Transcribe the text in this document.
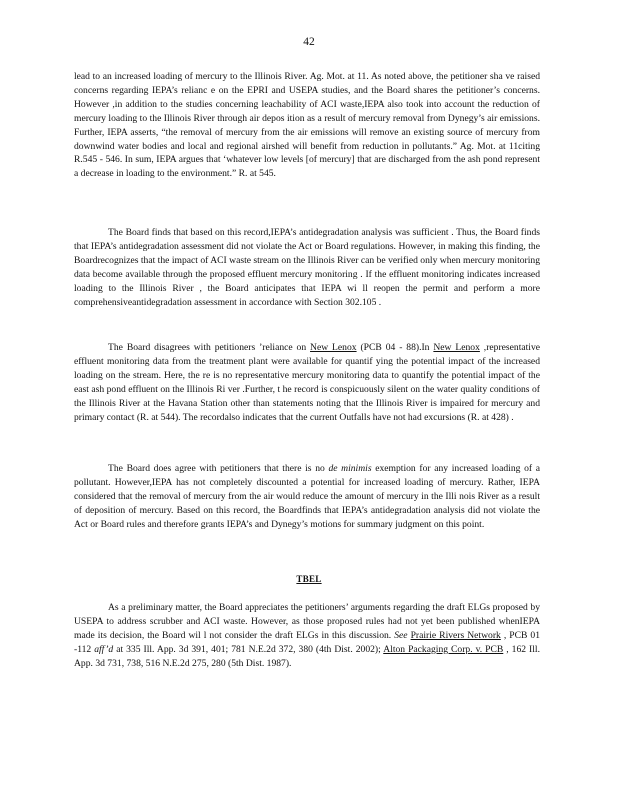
42
lead to an increased loading of mercury to the Illinois River. Ag. Mot. at 11. As noted above, the petitioner sha ve raised concerns regarding IEPA’s relianc e on the EPRI and USEPA studies, and the Board shares the petitioner’s concerns. However ,in addition to the studies concerning leachability of ACI waste,IEPA also took into account the reduction of mercury loading to the Illinois River through air depos ition as a result of mercury removal from Dynegy’s air emissions. Further, IEPA asserts, “the removal of mercury from the air emissions will remove an existing source of mercury from downwind water bodies and local and regional airshed will benefit from reduction in pollutants.” Ag. Mot. at 11citing R.545 - 546. In sum, IEPA argues that ‘whatever low levels [of mercury] that are discharged from the ash pond represent a decrease in loading to the environment.” R. at 545.
The Board finds that based on this record,IEPA’s antidegradation analysis was sufficient . Thus, the Board finds that IEPA’s antidegradation assessment did not violate the Act or Board regulations. However, in making this finding, the Boardrecognizes that the impact of ACI waste stream on the Illinois River can be verified only when mercury monitoring data become available through the proposed effluent mercury monitoring . If the effluent monitoring indicates increased loading to the Illinois River , the Board anticipates that IEPA wi ll reopen the permit and perform a more comprehensiveantidegradation assessment in accordance with Section 302.105 .
The Board disagrees with petitioners ’reliance on New Lenox (PCB 04 - 88).In New Lenox ,representative effluent monitoring data from the treatment plant were available for quantif ying the potential impact of the increased loading on the stream. Here, the re is no representative mercury monitoring data to quantify the potential impact of the east ash pond effluent on the Illinois Ri ver .Further, t he record is conspicuously silent on the water quality conditions of the Illinois River at the Havana Station other than statements noting that the Illinois River is impaired for mercury and primary contact (R. at 544). The recordalso indicates that the current Outfalls have not had excursions (R. at 428) .
The Board does agree with petitioners that there is no de minimis exemption for any increased loading of a pollutant. However,IEPA has not completely discounted a potential for increased loading of mercury. Rather, IEPA considered that the removal of mercury from the air would reduce the amount of mercury in the Illi nois River as a result of deposition of mercury. Based on this record, the Boardfinds that IEPA’s antidegradation analysis did not violate the Act or Board rules and therefore grants IEPA’s and Dynegy’s motions for summary judgment on this point.
TBEL
As a preliminary matter, the Board appreciates the petitioners’ arguments regarding the draft ELGs proposed by USEPA to address scrubber and ACI waste. However, as those proposed rules had not yet been published whenIEPA made its decision, the Board wil l not consider the draft ELGs in this discussion. See Prairie Rivers Network , PCB 01 -112 aff’d at 335 Ill. App. 3d 391, 401; 781 N.E.2d 372, 380 (4th Dist. 2002); Alton Packaging Corp. v. PCB , 162 Ill. App. 3d 731, 738, 516 N.E.2d 275, 280 (5th Dist. 1987).
